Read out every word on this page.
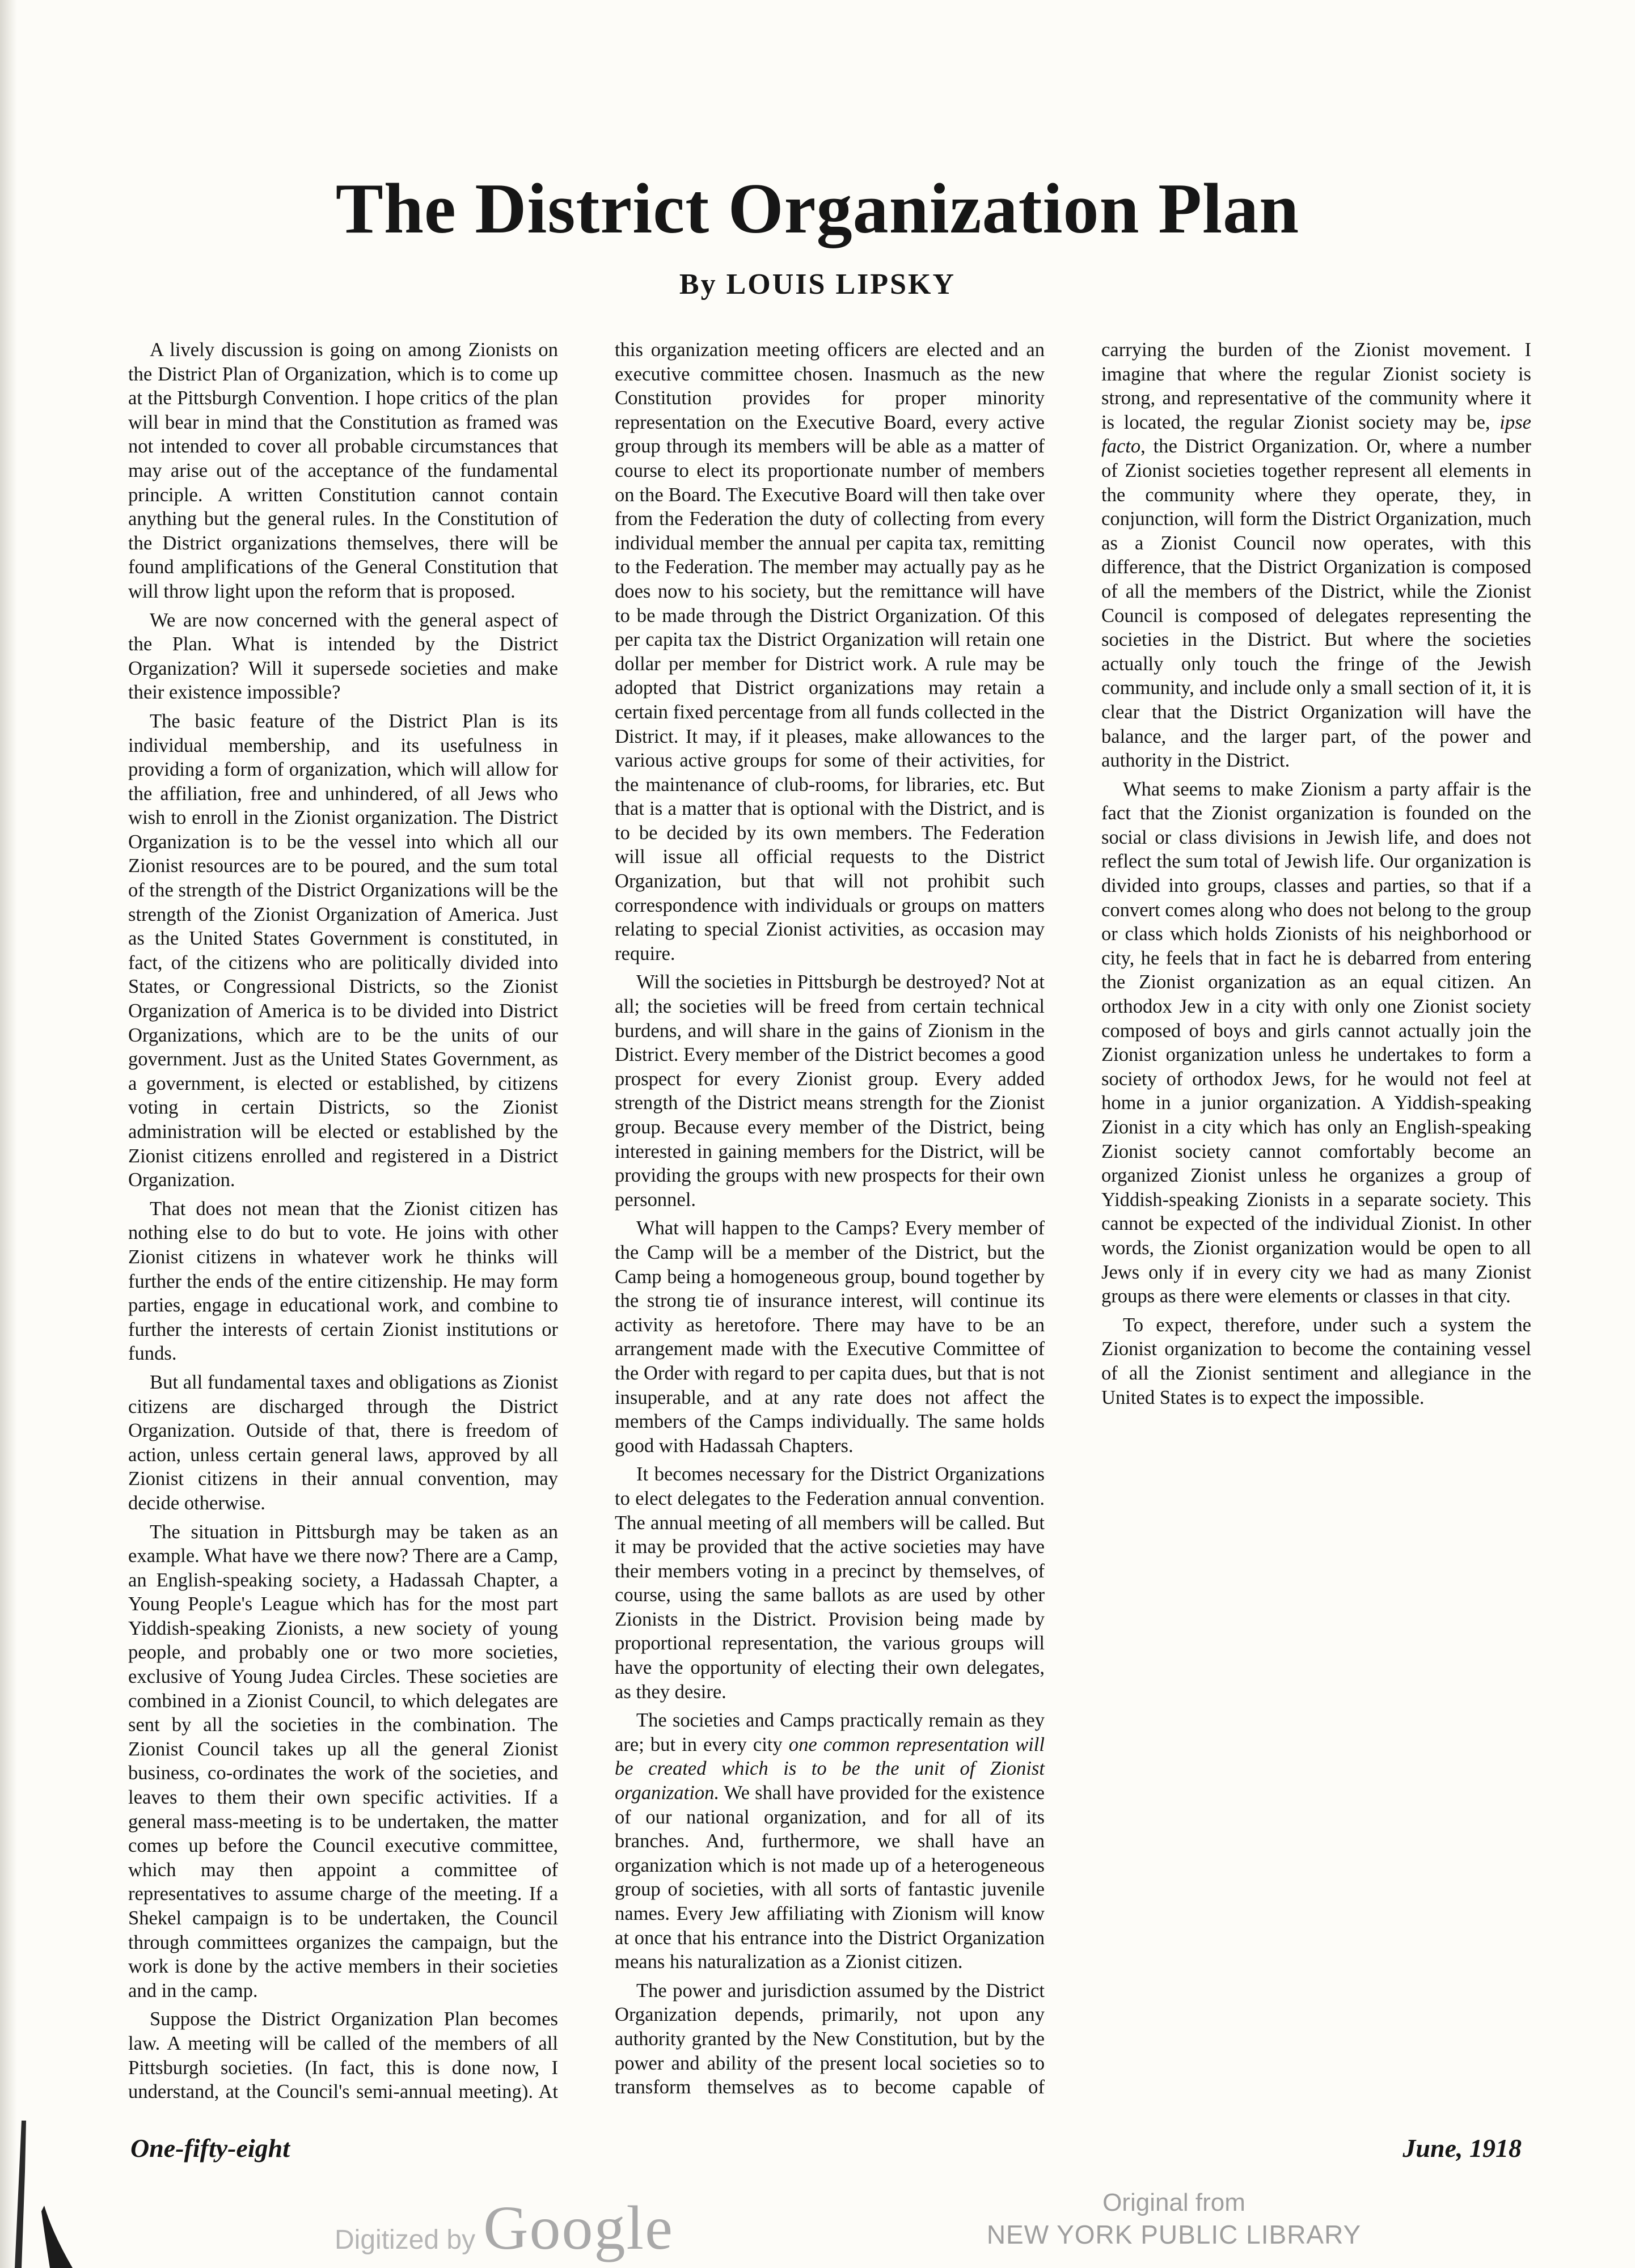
The District Organization Plan
By LOUIS LIPSKY

A lively discussion is going on among Zionists on the District Plan of Organization, which is to come up at the Pittsburgh Convention. I hope critics of the plan will bear in mind that the Constitution as framed was not intended to cover all probable circumstances that may arise out of the acceptance of the fundamental principle. A written Constitution cannot contain anything but the general rules. In the Constitution of the District organizations themselves, there will be found amplifications of the General Constitution that will throw light upon the reform that is proposed.

We are now concerned with the general aspect of the Plan. What is intended by the District Organization? Will it supersede societies and make their existence impossible?

The basic feature of the District Plan is its individual membership, and its usefulness in providing a form of organization, which will allow for the affiliation, free and unhindered, of all Jews who wish to enroll in the Zionist organization. The District Organization is to be the vessel into which all our Zionist resources are to be poured, and the sum total of the strength of the District Organizations will be the strength of the Zionist Organization of America. Just as the United States Government is constituted, in fact, of the citizens who are politically divided into States, or Congressional Districts, so the Zionist Organization of America is to be divided into District Organizations, which are to be the units of our government. Just as the United States Government, as a government, is elected or established, by citizens voting in certain Districts, so the Zionist administration will be elected or established by the Zionist citizens enrolled and registered in a District Organization.

That does not mean that the Zionist citizen has nothing else to do but to vote. He joins with other Zionist citizens in whatever work he thinks will further the ends of the entire citizenship. He may form parties, engage in educational work, and combine to further the interests of certain Zionist institutions or funds.

But all fundamental taxes and obligations as Zionist citizens are discharged through the District Organization. Outside of that, there is freedom of action, unless certain general laws, approved by all Zionist citizens in their annual convention, may decide otherwise.

The situation in Pittsburgh may be taken as an example. What have we there now? There are a Camp, an English-speaking society, a Hadassah Chapter, a Young People's League which has for the most part Yiddish-speaking Zionists, a new society of young people, and probably one or two more societies, exclusive of Young Judea Circles. These societies are combined in a Zionist Council, to which delegates are sent by all the societies in the combination. The Zionist Council takes up all the general Zionist business, co-ordinates the work of the societies, and leaves to them their own specific activities. If a general mass-meeting is to be undertaken, the matter comes up before the Council executive committee, which may then appoint a committee of representatives to assume charge of the meeting. If a Shekel campaign is to be undertaken, the Council through committees organizes the campaign, but the work is done by the active members in their societies and in the camp.

Suppose the District Organization Plan becomes law. A meeting will be called of the members of all Pittsburgh societies. (In fact, this is done now, I understand, at the Council's semi-annual meeting). At this organization meeting officers are elected and an executive committee chosen. Inasmuch as the new Constitution provides for proper minority representation on the Executive Board, every active group through its members will be able as a matter of course to elect its proportionate number of members on the Board. The Executive Board will then take over from the Federation the duty of collecting from every individual member the annual per capita tax, remitting to the Federation. The member may actually pay as he does now to his society, but the remittance will have to be made through the District Organization. Of this per capita tax the District Organization will retain one dollar per member for District work. A rule may be adopted that District organizations may retain a certain fixed percentage from all funds collected in the District. It may, if it pleases, make allowances to the various active groups for some of their activities, for the maintenance of club-rooms, for libraries, etc. But that is a matter that is optional with the District, and is to be decided by its own members. The Federation will issue all official requests to the District Organization, but that will not prohibit such correspondence with individuals or groups on matters relating to special Zionist activities, as occasion may require.

Will the societies in Pittsburgh be destroyed? Not at all; the societies will be freed from certain technical burdens, and will share in the gains of Zionism in the District. Every member of the District becomes a good prospect for every Zionist group. Every added strength of the District means strength for the Zionist group. Because every member of the District, being interested in gaining members for the District, will be providing the groups with new prospects for their own personnel.

What will happen to the Camps? Every member of the Camp will be a member of the District, but the Camp being a homogeneous group, bound together by the strong tie of insurance interest, will continue its activity as heretofore. There may have to be an arrangement made with the Executive Committee of the Order with regard to per capita dues, but that is not insuperable, and at any rate does not affect the members of the Camps individually. The same holds good with Hadassah Chapters.

It becomes necessary for the District Organizations to elect delegates to the Federation annual convention. The annual meeting of all members will be called. But it may be provided that the active societies may have their members voting in a precinct by themselves, of course, using the same ballots as are used by other Zionists in the District. Provision being made by proportional representation, the various groups will have the opportunity of electing their own delegates, as they desire.

The societies and Camps practically remain as they are; but in every city one common representation will be created which is to be the unit of Zionist organization. We shall have provided for the existence of our national organization, and for all of its branches. And, furthermore, we shall have an organization which is not made up of a heterogeneous group of societies, with all sorts of fantastic juvenile names. Every Jew affiliating with Zionism will know at once that his entrance into the District Organization means his naturalization as a Zionist citizen.

The power and jurisdiction assumed by the District Organization depends, primarily, not upon any authority granted by the New Constitution, but by the power and ability of the present local societies so to transform themselves as to become capable of carrying the burden of the Zionist movement. I imagine that where the regular Zionist society is strong, and representative of the community where it is located, the regular Zionist society may be, ipse facto, the District Organization. Or, where a number of Zionist societies together represent all elements in the community where they operate, they, in conjunction, will form the District Organization, much as a Zionist Council now operates, with this difference, that the District Organization is composed of all the members of the District, while the Zionist Council is composed of delegates representing the societies in the District. But where the societies actually only touch the fringe of the Jewish community, and include only a small section of it, it is clear that the District Organization will have the balance, and the larger part, of the power and authority in the District.

What seems to make Zionism a party affair is the fact that the Zionist organization is founded on the social or class divisions in Jewish life, and does not reflect the sum total of Jewish life. Our organization is divided into groups, classes and parties, so that if a convert comes along who does not belong to the group or class which holds Zionists of his neighborhood or city, he feels that in fact he is debarred from entering the Zionist organization as an equal citizen. An orthodox Jew in a city with only one Zionist society composed of boys and girls cannot actually join the Zionist organization unless he undertakes to form a society of orthodox Jews, for he would not feel at home in a junior organization. A Yiddish-speaking Zionist in a city which has only an English-speaking Zionist society cannot comfortably become an organized Zionist unless he organizes a group of Yiddish-speaking Zionists in a separate society. This cannot be expected of the individual Zionist. In other words, the Zionist organization would be open to all Jews only if in every city we had as many Zionist groups as there were elements or classes in that city.

To expect, therefore, under such a system the Zionist organization to become the containing vessel of all the Zionist sentiment and allegiance in the United States is to expect the impossible.

One-fifty-eight	June, 1918
Digitized by Google	Original from
NEW YORK PUBLIC LIBRARY
